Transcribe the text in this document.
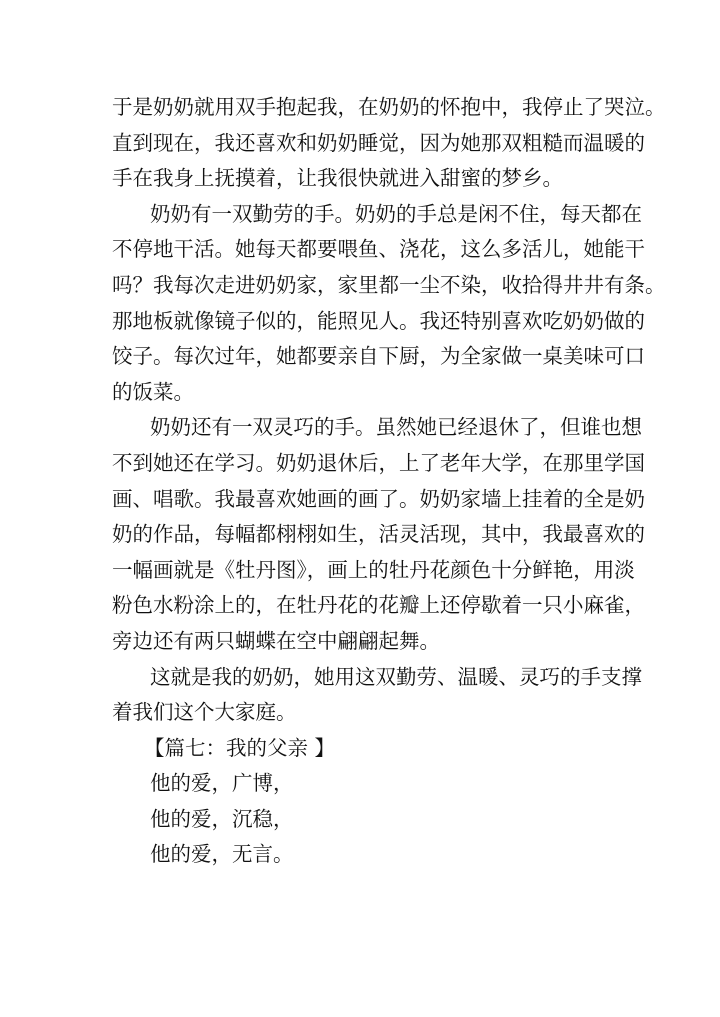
于是奶奶就用双手抱起我，在奶奶的怀抱中，我停止了哭泣。
直到现在，我还喜欢和奶奶睡觉，因为她那双粗糙而温暖的
手在我身上抚摸着，让我很快就进入甜蜜的梦乡。
奶奶有一双勤劳的手。奶奶的手总是闲不住，每天都在
不停地干活。她每天都要喂鱼、浇花，这么多活儿，她能干
吗？我每次走进奶奶家，家里都一尘不染，收拾得井井有条。
那地板就像镜子似的，能照见人。我还特别喜欢吃奶奶做的
饺子。每次过年，她都要亲自下厨，为全家做一桌美味可口
的饭菜。
奶奶还有一双灵巧的手。虽然她已经退休了，但谁也想
不到她还在学习。奶奶退休后，上了老年大学，在那里学国
画、唱歌。我最喜欢她画的画了。奶奶家墙上挂着的全是奶
奶的作品，每幅都栩栩如生，活灵活现，其中，我最喜欢的
一幅画就是《牡丹图》，画上的牡丹花颜色十分鲜艳，用淡
粉色水粉涂上的，在牡丹花的花瓣上还停歇着一只小麻雀，
旁边还有两只蝴蝶在空中翩翩起舞。
这就是我的奶奶，她用这双勤劳、温暖、灵巧的手支撑
着我们这个大家庭。
【篇七：我的父亲 】
他的爱，广博，
他的爱，沉稳，
他的爱，无言。
